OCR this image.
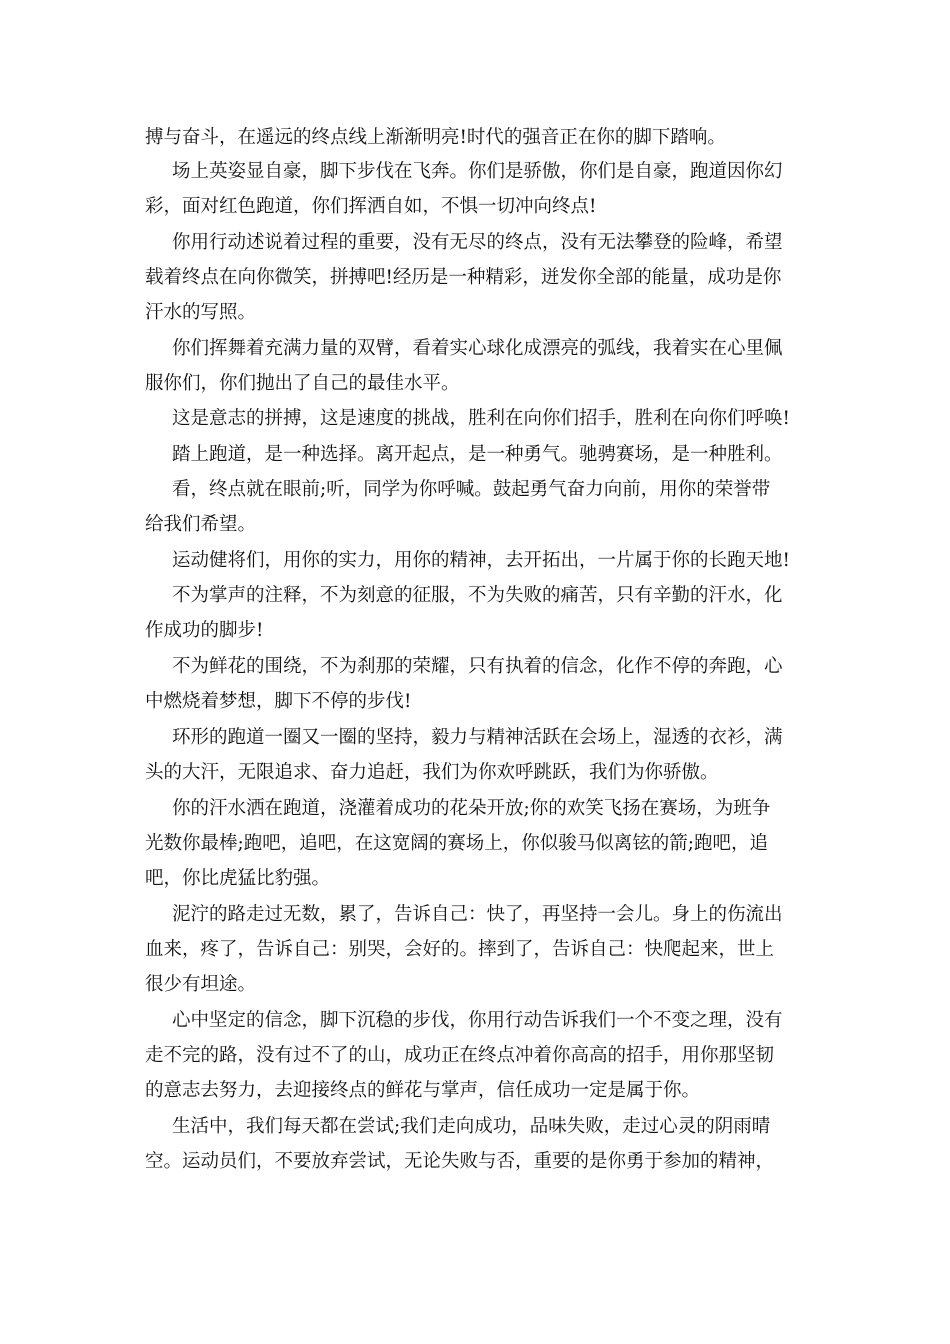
搏与奋斗，在遥远的终点线上渐渐明亮!时代的强音正在你的脚下踏响。
场上英姿显自豪，脚下步伐在飞奔。你们是骄傲，你们是自豪，跑道因你幻
彩，面对红色跑道，你们挥洒自如，不惧一切冲向终点!
你用行动述说着过程的重要，没有无尽的终点，没有无法攀登的险峰，希望
载着终点在向你微笑，拼搏吧!经历是一种精彩，迸发你全部的能量，成功是你
汗水的写照。
你们挥舞着充满力量的双臂，看着实心球化成漂亮的弧线，我着实在心里佩
服你们，你们抛出了自己的最佳水平。
这是意志的拼搏，这是速度的挑战，胜利在向你们招手，胜利在向你们呼唤!
踏上跑道，是一种选择。离开起点，是一种勇气。驰骋赛场，是一种胜利。
看，终点就在眼前;听，同学为你呼喊。鼓起勇气奋力向前，用你的荣誉带
给我们希望。
运动健将们，用你的实力，用你的精神，去开拓出，一片属于你的长跑天地!
不为掌声的注释，不为刻意的征服，不为失败的痛苦，只有辛勤的汗水，化
作成功的脚步!
不为鲜花的围绕，不为刹那的荣耀，只有执着的信念，化作不停的奔跑，心
中燃烧着梦想，脚下不停的步伐!
环形的跑道一圈又一圈的坚持，毅力与精神活跃在会场上，湿透的衣衫，满
头的大汗，无限追求、奋力追赶，我们为你欢呼跳跃，我们为你骄傲。
你的汗水洒在跑道，浇灌着成功的花朵开放;你的欢笑飞扬在赛场，为班争
光数你最棒;跑吧，追吧，在这宽阔的赛场上，你似骏马似离铉的箭;跑吧，追
吧，你比虎猛比豹强。
泥泞的路走过无数，累了，告诉自己：快了，再坚持一会儿。身上的伤流出
血来，疼了，告诉自己：别哭，会好的。摔到了，告诉自己：快爬起来，世上
很少有坦途。
心中坚定的信念，脚下沉稳的步伐，你用行动告诉我们一个不变之理，没有
走不完的路，没有过不了的山，成功正在终点冲着你高高的招手，用你那坚韧
的意志去努力，去迎接终点的鲜花与掌声，信任成功一定是属于你。
生活中，我们每天都在尝试;我们走向成功，品味失败，走过心灵的阴雨晴
空。运动员们，不要放弃尝试，无论失败与否，重要的是你勇于参加的精神，
